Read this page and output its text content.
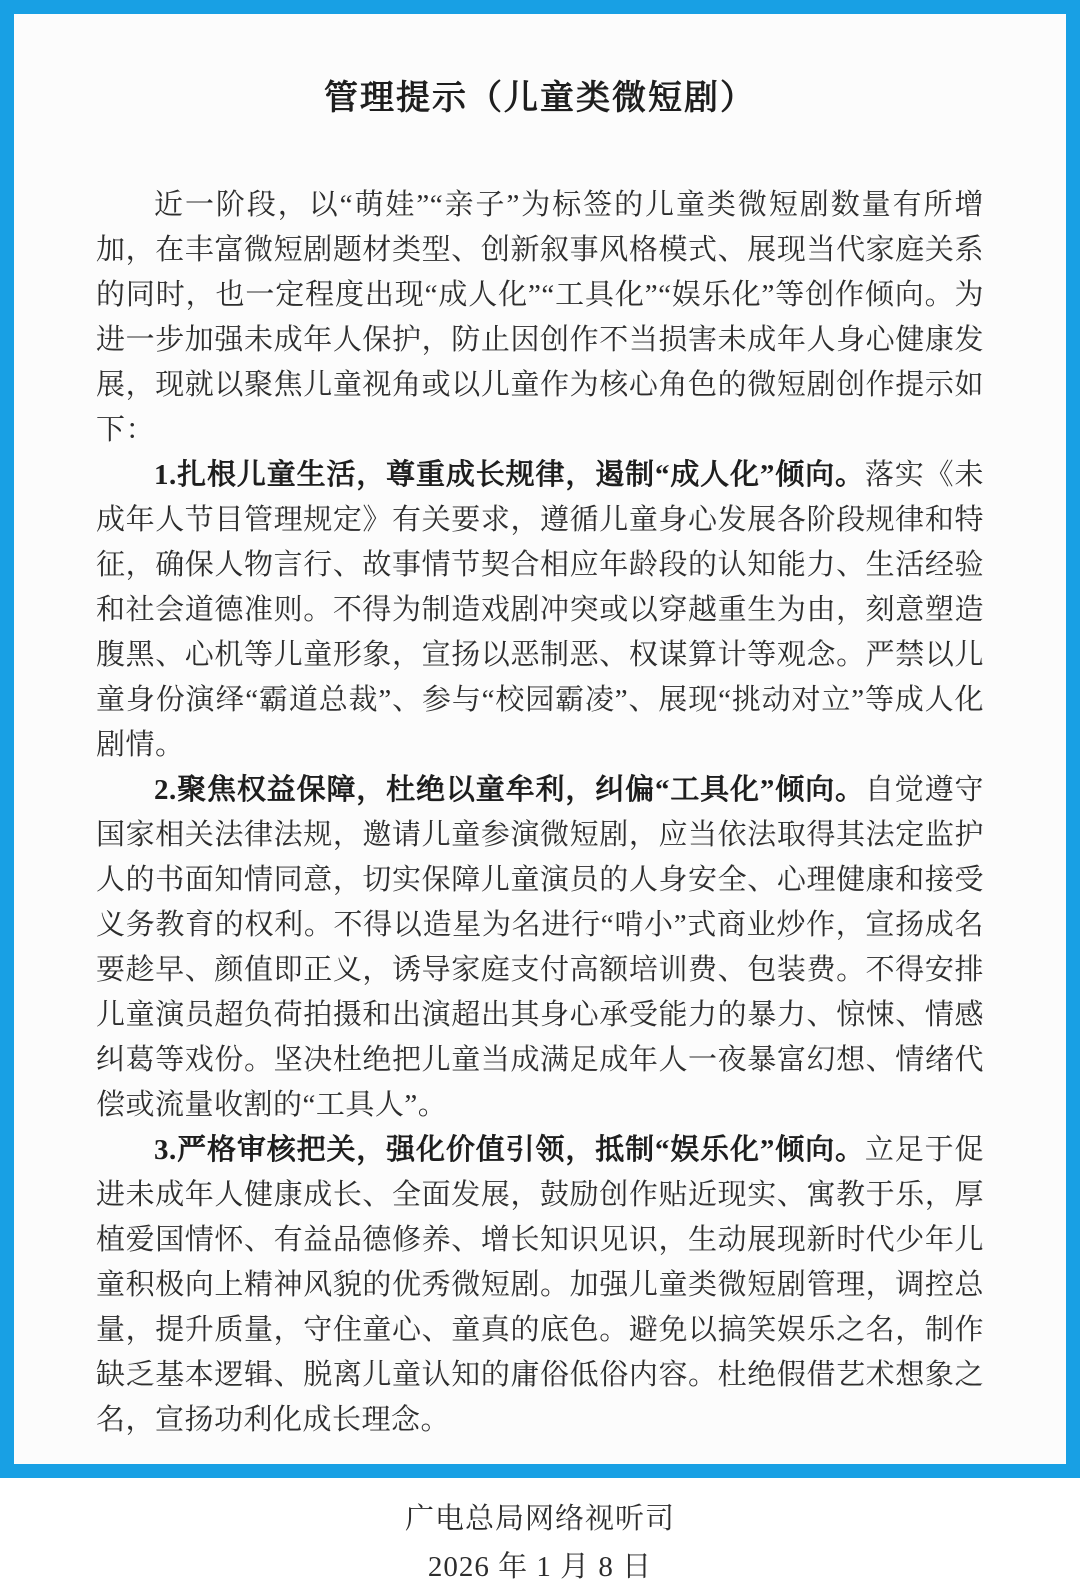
管理提示（儿童类微短剧）

近一阶段，以“萌娃”“亲子”为标签的儿童类微短剧数量有所增加，在丰富微短剧题材类型、创新叙事风格模式、展现当代家庭关系的同时，也一定程度出现“成人化”“工具化”“娱乐化”等创作倾向。为进一步加强未成年人保护，防止因创作不当损害未成年人身心健康发展，现就以聚焦儿童视角或以儿童作为核心角色的微短剧创作提示如下：

1.扎根儿童生活，尊重成长规律，遏制“成人化”倾向。落实《未成年人节目管理规定》有关要求，遵循儿童身心发展各阶段规律和特征，确保人物言行、故事情节契合相应年龄段的认知能力、生活经验和社会道德准则。不得为制造戏剧冲突或以穿越重生为由，刻意塑造腹黑、心机等儿童形象，宣扬以恶制恶、权谋算计等观念。严禁以儿童身份演绎“霸道总裁”、参与“校园霸凌”、展现“挑动对立”等成人化剧情。

2.聚焦权益保障，杜绝以童牟利，纠偏“工具化”倾向。自觉遵守国家相关法律法规，邀请儿童参演微短剧，应当依法取得其法定监护人的书面知情同意，切实保障儿童演员的人身安全、心理健康和接受义务教育的权利。不得以造星为名进行“啃小”式商业炒作，宣扬成名要趁早、颜值即正义，诱导家庭支付高额培训费、包装费。不得安排儿童演员超负荷拍摄和出演超出其身心承受能力的暴力、惊悚、情感纠葛等戏份。坚决杜绝把儿童当成满足成年人一夜暴富幻想、情绪代偿或流量收割的“工具人”。

3.严格审核把关，强化价值引领，抵制“娱乐化”倾向。立足于促进未成年人健康成长、全面发展，鼓励创作贴近现实、寓教于乐，厚植爱国情怀、有益品德修养、增长知识见识，生动展现新时代少年儿童积极向上精神风貌的优秀微短剧。加强儿童类微短剧管理，调控总量，提升质量，守住童心、童真的底色。避免以搞笑娱乐之名，制作缺乏基本逻辑、脱离儿童认知的庸俗低俗内容。杜绝假借艺术想象之名，宣扬功利化成长理念。

广电总局网络视听司

2026 年 1 月 8 日
